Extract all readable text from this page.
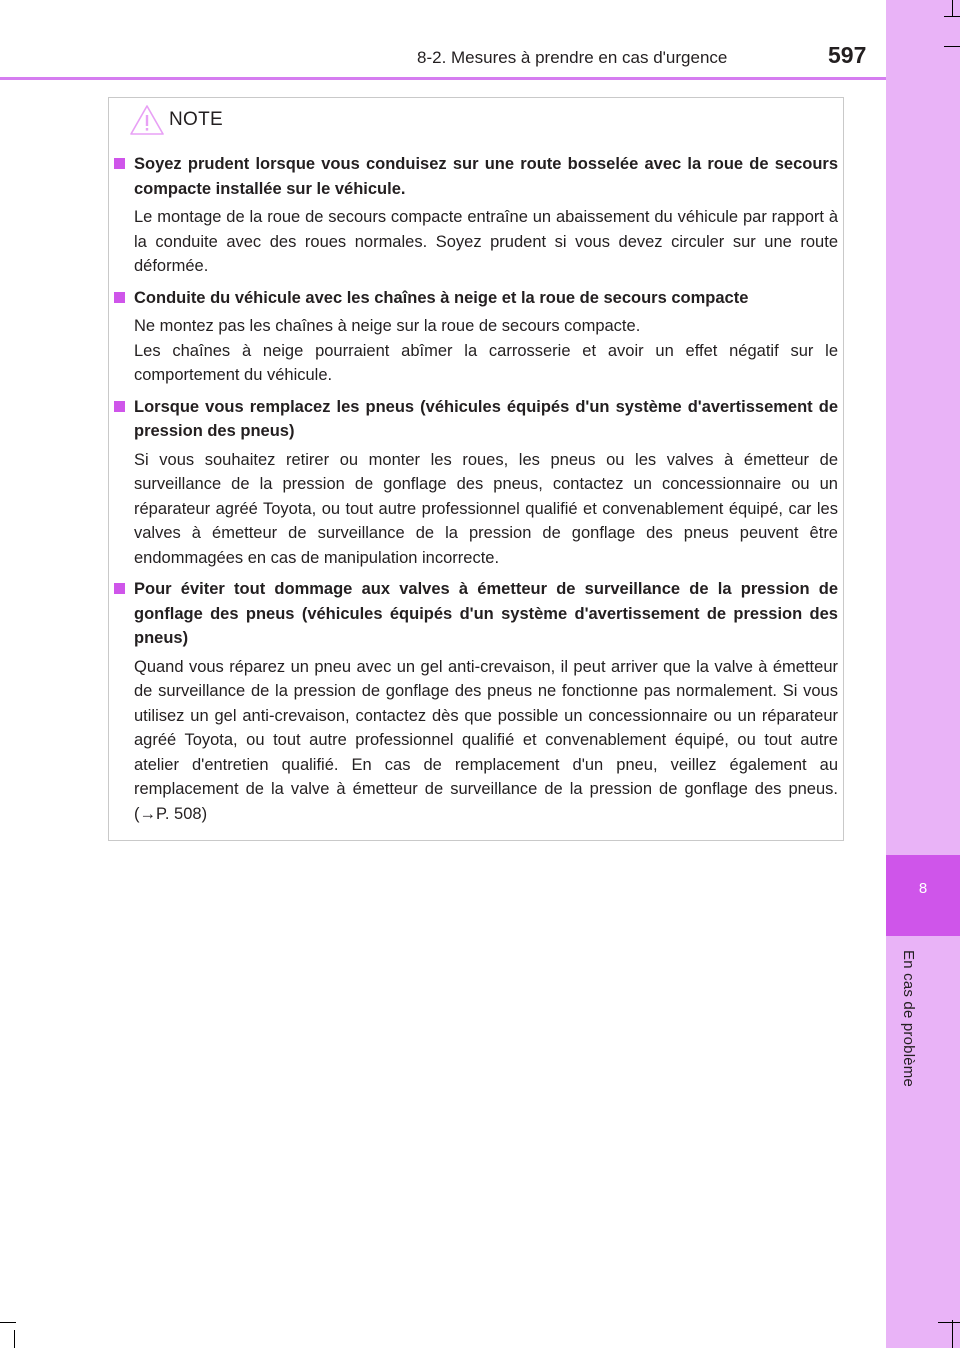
8
En cas de problème
8-2. Mesures à prendre en cas d'urgence	597
NOTE

Soyez prudent lorsque vous conduisez sur une route bosselée avec la roue de secours compacte installée sur le véhicule.

Le montage de la roue de secours compacte entraîne un abaissement du véhicule par rapport à la conduite avec des roues normales. Soyez prudent si vous devez circuler sur une route déformée.

Conduite du véhicule avec les chaînes à neige et la roue de secours compacte

Ne montez pas les chaînes à neige sur la roue de secours compacte.

Les chaînes à neige pourraient abîmer la carrosserie et avoir un effet négatif sur le comportement du véhicule.

Lorsque vous remplacez les pneus (véhicules équipés d'un système d'avertissement de pression des pneus)

Si vous souhaitez retirer ou monter les roues, les pneus ou les valves à émetteur de surveillance de la pression de gonflage des pneus, contactez un concessionnaire ou un réparateur agréé Toyota, ou tout autre professionnel qualifié et convenablement équipé, car les valves à émetteur de surveillance de la pression de gonflage des pneus peuvent être endommagées en cas de manipulation incorrecte.

Pour éviter tout dommage aux valves à émetteur de surveillance de la pression de gonflage des pneus (véhicules équipés d'un système d'avertissement de pression des pneus)

Quand vous réparez un pneu avec un gel anti-crevaison, il peut arriver que la valve à émetteur de surveillance de la pression de gonflage des pneus ne fonctionne pas normalement. Si vous utilisez un gel anti-crevaison, contactez dès que possible un concessionnaire ou un réparateur agréé Toyota, ou tout autre professionnel qualifié et convenablement équipé, ou tout autre atelier d'entretien qualifié. En cas de remplacement d'un pneu, veillez également au remplacement de la valve à émetteur de surveillance de la pression de gonflage des pneus. (→P. 508)
